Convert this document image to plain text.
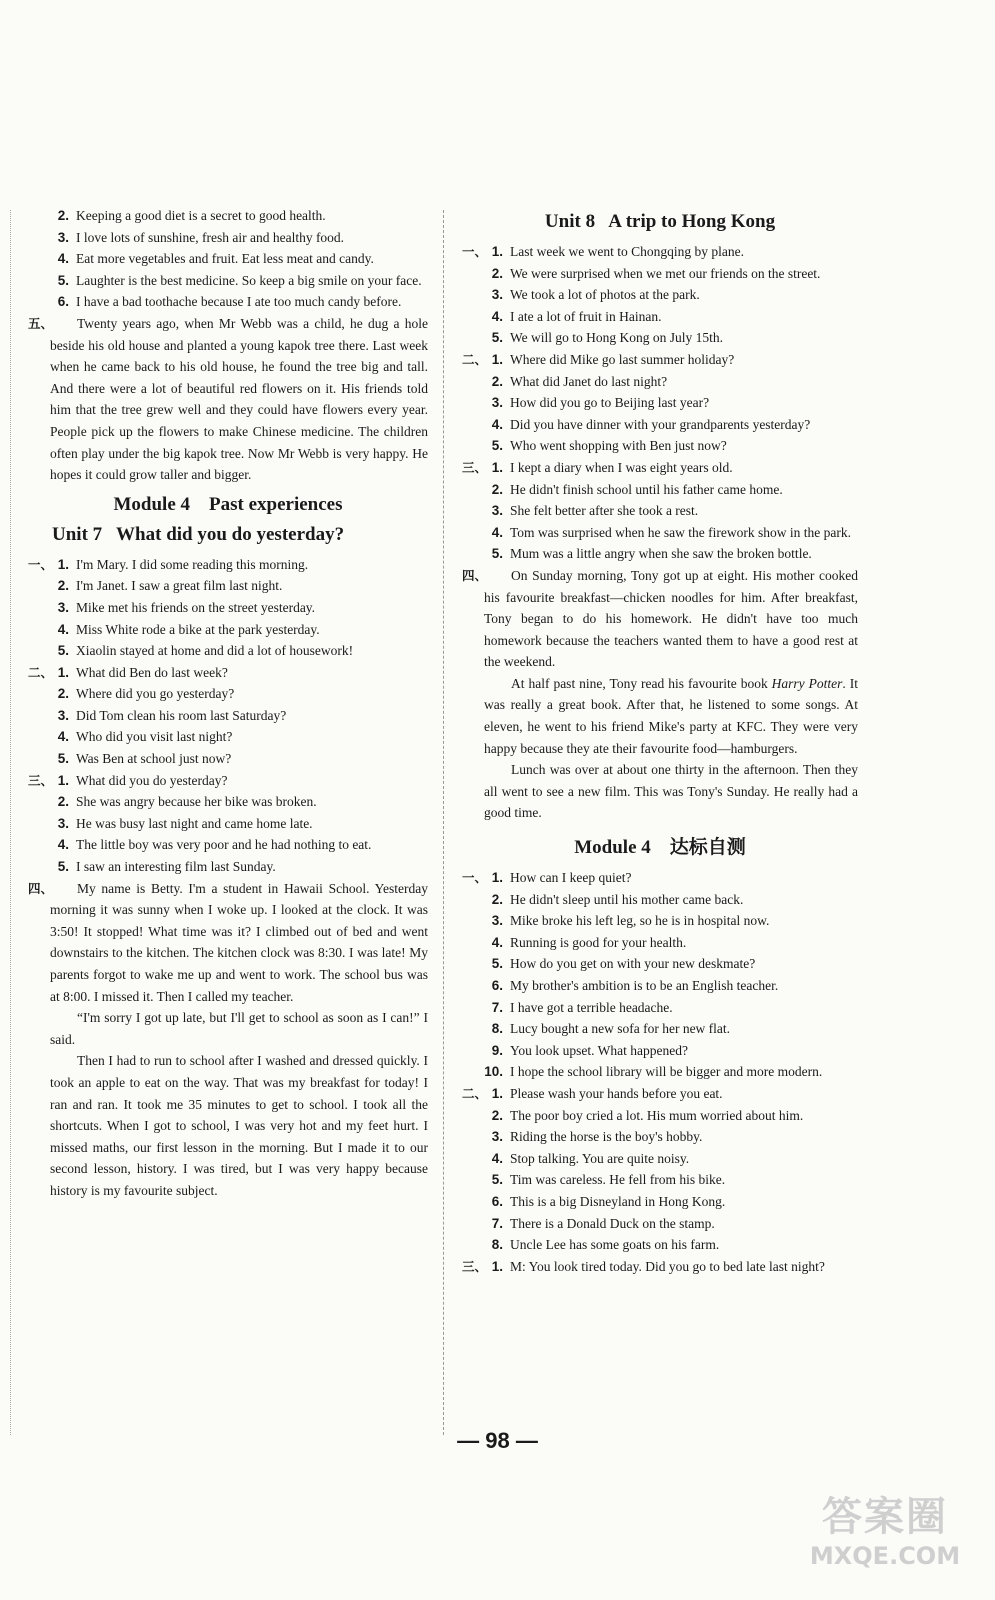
2. Keeping a good diet is a secret to good health.
3. I love lots of sunshine, fresh air and healthy food.
4. Eat more vegetables and fruit. Eat less meat and candy.
5. Laughter is the best medicine. So keep a big smile on your face.
6. I have a bad toothache because I ate too much candy before.
五、	Twenty years ago, when Mr Webb was a child, he dug a hole beside his old house and planted a young kapok tree there. Last week when he came back to his old house, he found the tree big and tall. And there were a lot of beautiful red flowers on it. His friends told him that the tree grew well and they could have flowers every year. People pick up the flowers to make Chinese medicine. The children often play under the big kapok tree. Now Mr Webb is very happy. He hopes it could grow taller and bigger.

Module 4    Past experiences
Unit 7   What did you do yesterday?
一、 1. I'm Mary. I did some reading this morning.
2. I'm Janet. I saw a great film last night.
3. Mike met his friends on the street yesterday.
4. Miss White rode a bike at the park yesterday.
5. Xiaolin stayed at home and did a lot of housework!
二、 1. What did Ben do last week?
2. Where did you go yesterday?
3. Did Tom clean his room last Saturday?
4. Who did you visit last night?
5. Was Ben at school just now?
三、 1. What did you do yesterday?
2. She was angry because her bike was broken.
3. He was busy last night and came home late.
4. The little boy was very poor and he had nothing to eat.
5. I saw an interesting film last Sunday.
四、	My name is Betty. I'm a student in Hawaii School. Yesterday morning it was sunny when I woke up. I looked at the clock. It was 3:50! It stopped! What time was it? I climbed out of bed and went downstairs to the kitchen. The kitchen clock was 8:30. I was late! My parents forgot to wake me up and went to work. The school bus was at 8:00. I missed it. Then I called my teacher.

“I'm sorry I got up late, but I'll get to school as soon as I can!” I said.

Then I had to run to school after I washed and dressed quickly. I took an apple to eat on the way. That was my breakfast for today! I ran and ran. It took me 35 minutes to get to school. I took all the shortcuts. When I got to school, I was very hot and my feet hurt. I missed maths, our first lesson in the morning. But I made it to our second lesson, history. I was tired, but I was very happy because history is my favourite subject.

Unit 8   A trip to Hong Kong
一、 1. Last week we went to Chongqing by plane.
2. We were surprised when we met our friends on the street.
3. We took a lot of photos at the park.
4. I ate a lot of fruit in Hainan.
5. We will go to Hong Kong on July 15th.
二、 1. Where did Mike go last summer holiday?
2. What did Janet do last night?
3. How did you go to Beijing last year?
4. Did you have dinner with your grandparents yesterday?
5. Who went shopping with Ben just now?
三、 1. I kept a diary when I was eight years old.
2. He didn't finish school until his father came home.
3. She felt better after she took a rest.
4. Tom was surprised when he saw the firework show in the park.
5. Mum was a little angry when she saw the broken bottle.
四、	On Sunday morning, Tony got up at eight. His mother cooked his favourite breakfast—chicken noodles for him. After breakfast, Tony began to do his homework. He didn't have too much homework because the teachers wanted them to have a good rest at the weekend.

At half past nine, Tony read his favourite book Harry Potter. It was really a great book. After that, he listened to some songs. At eleven, he went to his friend Mike's party at KFC. They were very happy because they ate their favourite food—hamburgers.

Lunch was over at about one thirty in the afternoon. Then they all went to see a new film. This was Tony's Sunday. He really had a good time.

Module 4    达标自测
一、 1. How can I keep quiet?
2. He didn't sleep until his mother came back.
3. Mike broke his left leg, so he is in hospital now.
4. Running is good for your health.
5. How do you get on with your new deskmate?
6. My brother's ambition is to be an English teacher.
7. I have got a terrible headache.
8. Lucy bought a new sofa for her new flat.
9. You look upset. What happened?
10. I hope the school library will be bigger and more modern.
二、 1. Please wash your hands before you eat.
2. The poor boy cried a lot. His mum worried about him.
3. Riding the horse is the boy's hobby.
4. Stop talking. You are quite noisy.
5. Tim was careless. He fell from his bike.
6. This is a big Disneyland in Hong Kong.
7. There is a Donald Duck on the stamp.
8. Uncle Lee has some goats on his farm.
三、 1. M: You look tired today. Did you go to bed late last night?
— 98 —
答案圈
MXQE.COM
